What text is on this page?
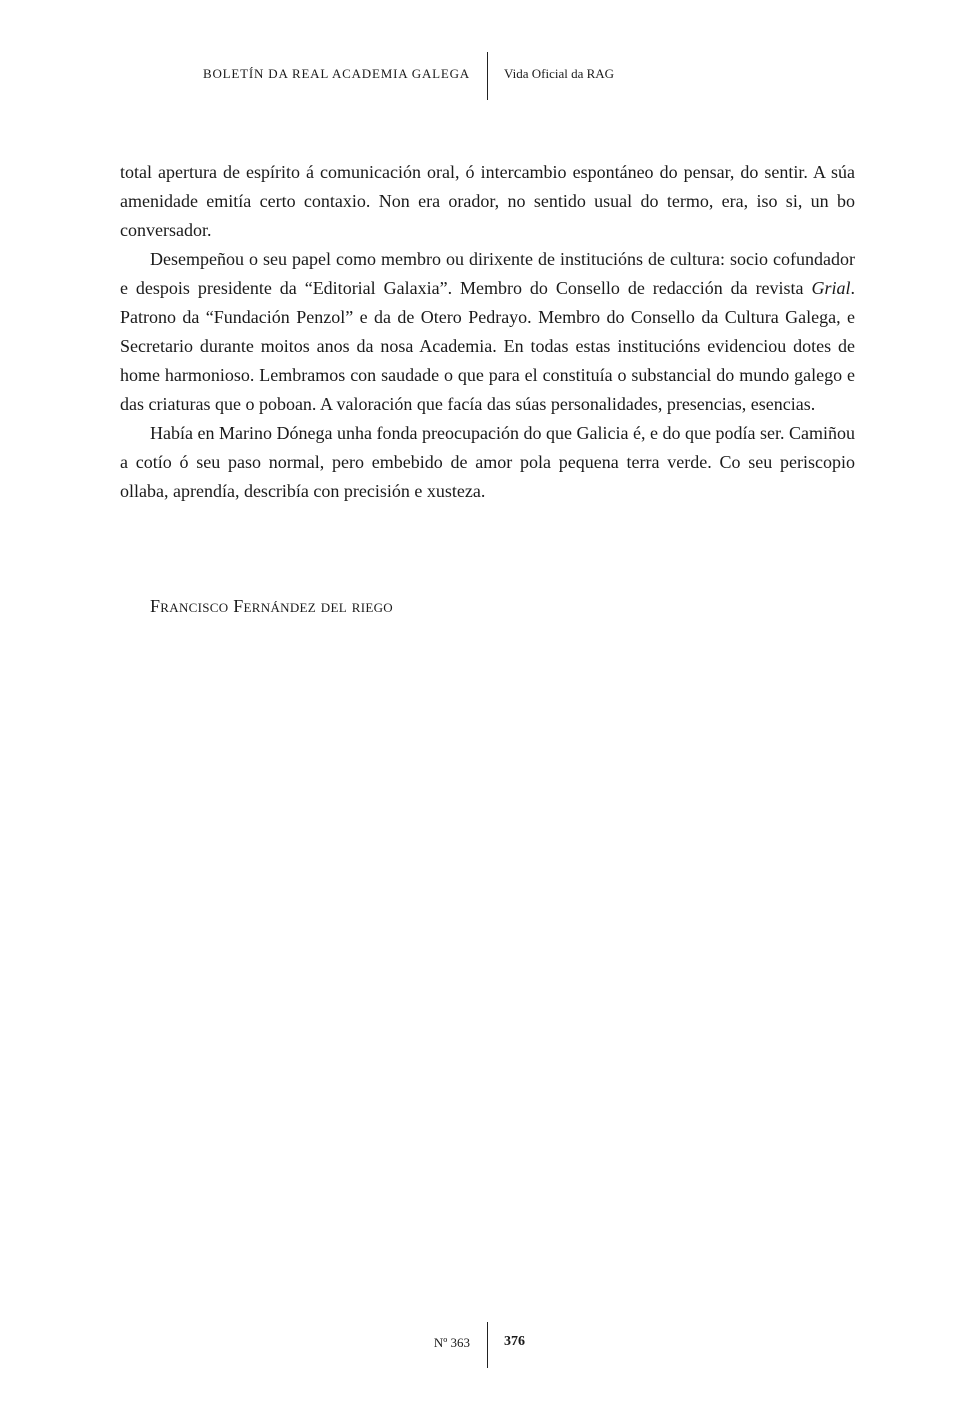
BOLETÍN DA REAL ACADEMIA GALEGA	Vida Oficial da RAG

total apertura de espírito á comunicación oral, ó intercambio espontáneo do pensar, do sentir. A súa amenidade emitía certo contaxio. Non era orador, no sentido usual do termo, era, iso si, un bo conversador.

Desempeñou o seu papel como membro ou dirixente de institucións de cultura: socio cofundador e despois presidente da “Editorial Galaxia”. Membro do Consello de redacción da revista Grial. Patrono da “Fundación Penzol” e da de Otero Pedrayo. Membro do Consello da Cultura Galega, e Secretario durante moitos anos da nosa Academia. En todas estas institucións evidenciou dotes de home harmonioso. Lembramos con saudade o que para el constituía o substancial do mundo galego e das criaturas que o poboan. A valoración que facía das súas personalidades, presencias, esencias.

Había en Marino Dónega unha fonda preocupación do que Galicia é, e do que podía ser. Camiñou a cotío ó seu paso normal, pero embebido de amor pola pequena terra verde. Co seu periscopio ollaba, aprendía, describía con precisión e xusteza.

Francisco Fernández del riego
Nº 363 376
